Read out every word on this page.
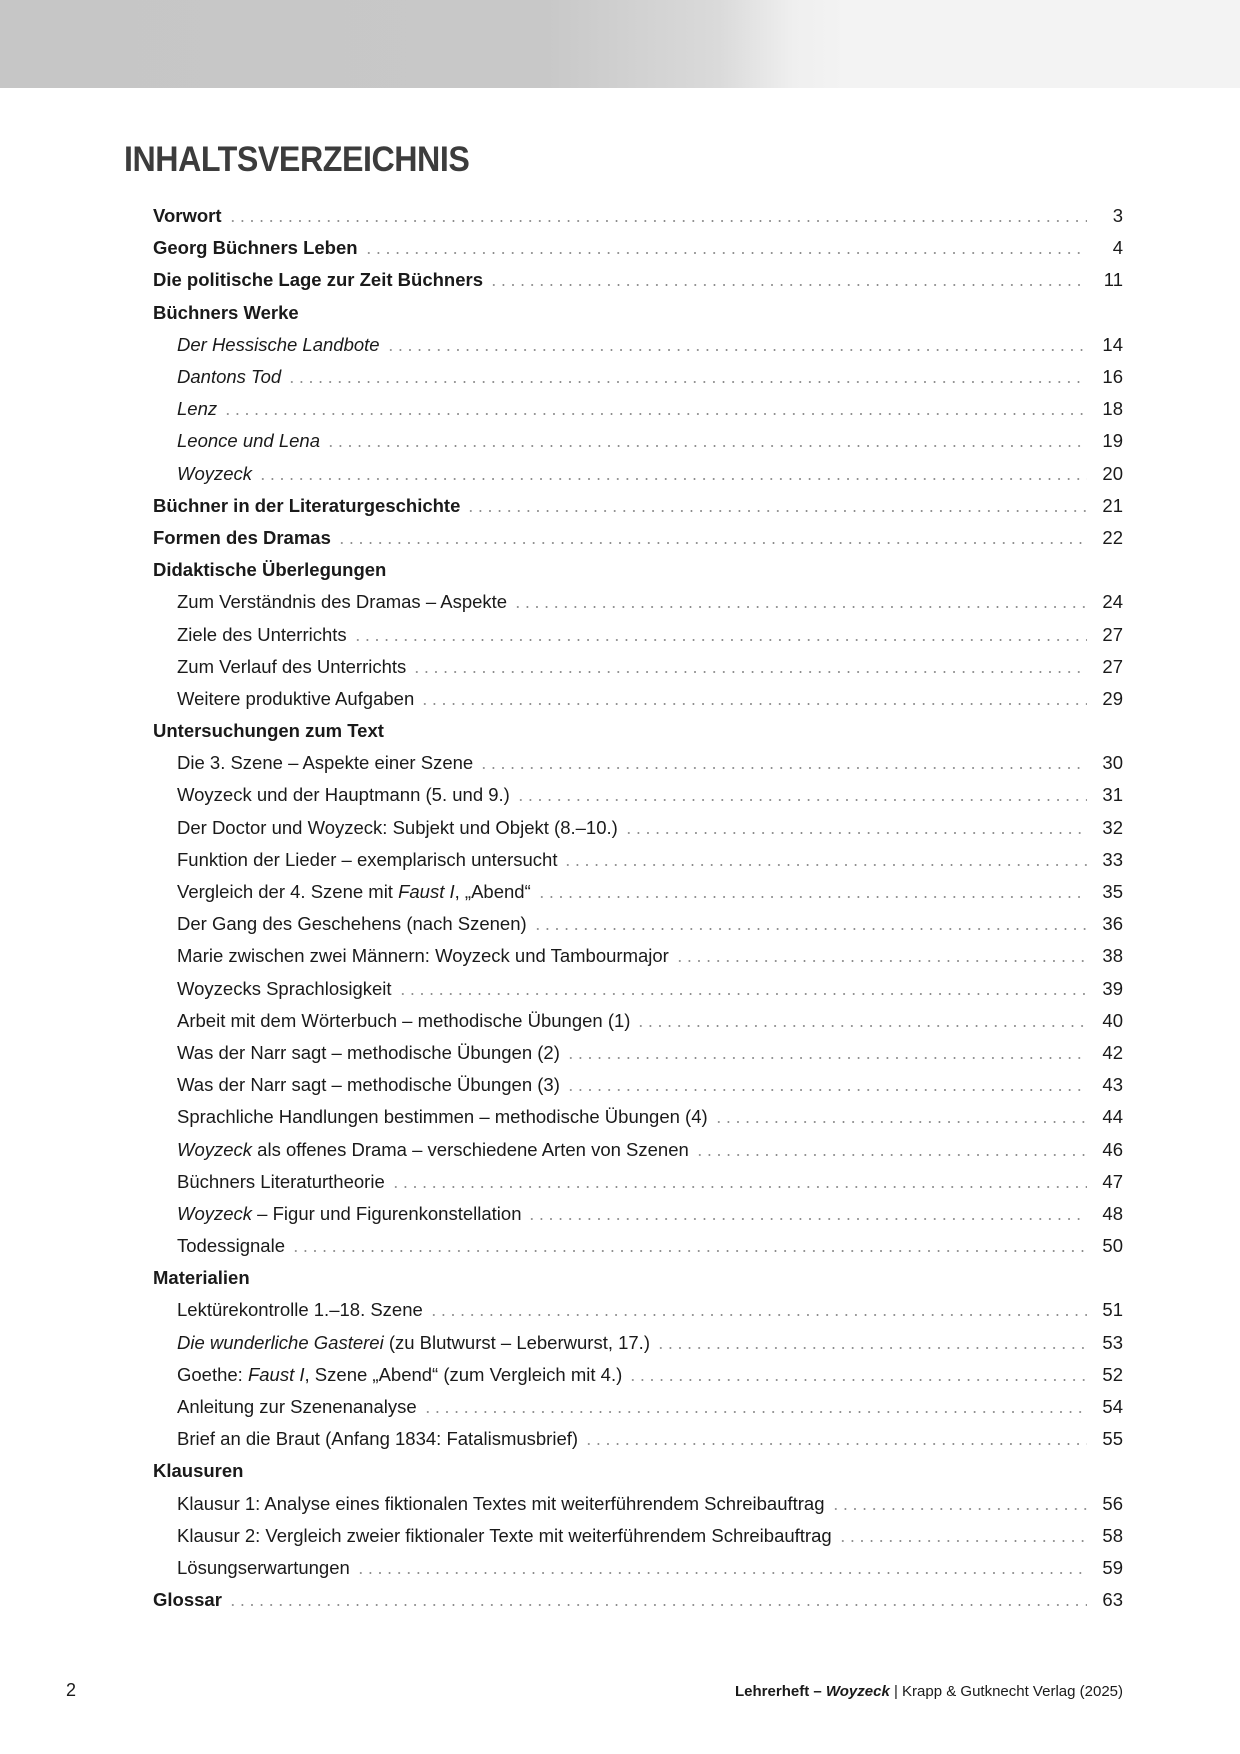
INHALTSVERZEICHNIS
Vorwort	3
Georg Büchners Leben	4
Die politische Lage zur Zeit Büchners	11
Büchners Werke
Der Hessische Landbote	14
Dantons Tod	16
Lenz	18
Leonce und Lena	19
Woyzeck	20
Büchner in der Literaturgeschichte	21
Formen des Dramas	22
Didaktische Überlegungen
Zum Verständnis des Dramas – Aspekte	24
Ziele des Unterrichts	27
Zum Verlauf des Unterrichts	27
Weitere produktive Aufgaben	29
Untersuchungen zum Text
Die 3. Szene – Aspekte einer Szene	30
Woyzeck und der Hauptmann (5. und 9.)	31
Der Doctor und Woyzeck: Subjekt und Objekt (8.–10.)	32
Funktion der Lieder – exemplarisch untersucht	33
Vergleich der 4. Szene mit Faust I, „Abend“	35
Der Gang des Geschehens (nach Szenen)	36
Marie zwischen zwei Männern: Woyzeck und Tambourmajor	38
Woyzecks Sprachlosigkeit	39
Arbeit mit dem Wörterbuch – methodische Übungen (1)	40
Was der Narr sagt – methodische Übungen (2)	42
Was der Narr sagt – methodische Übungen (3)	43
Sprachliche Handlungen bestimmen – methodische Übungen (4)	44
Woyzeck als offenes Drama – verschiedene Arten von Szenen	46
Büchners Literaturtheorie	47
Woyzeck – Figur und Figurenkonstellation	48
Todessignale	50
Materialien
Lektürekontrolle 1.–18. Szene	51
Die wunderliche Gasterei (zu Blutwurst – Leberwurst, 17.)	53
Goethe: Faust I, Szene „Abend“ (zum Vergleich mit 4.)	52
Anleitung zur Szenenanalyse	54
Brief an die Braut (Anfang 1834: Fatalismusbrief)	55
Klausuren
Klausur 1: Analyse eines fiktionalen Textes mit weiterführendem Schreibauftrag	56
Klausur 2: Vergleich zweier fiktionaler Texte mit weiterführendem Schreibauftrag	58
Lösungserwartungen	59
Glossar	63
2	Lehrerheft – Woyzeck | Krapp & Gutknecht Verlag (2025)
